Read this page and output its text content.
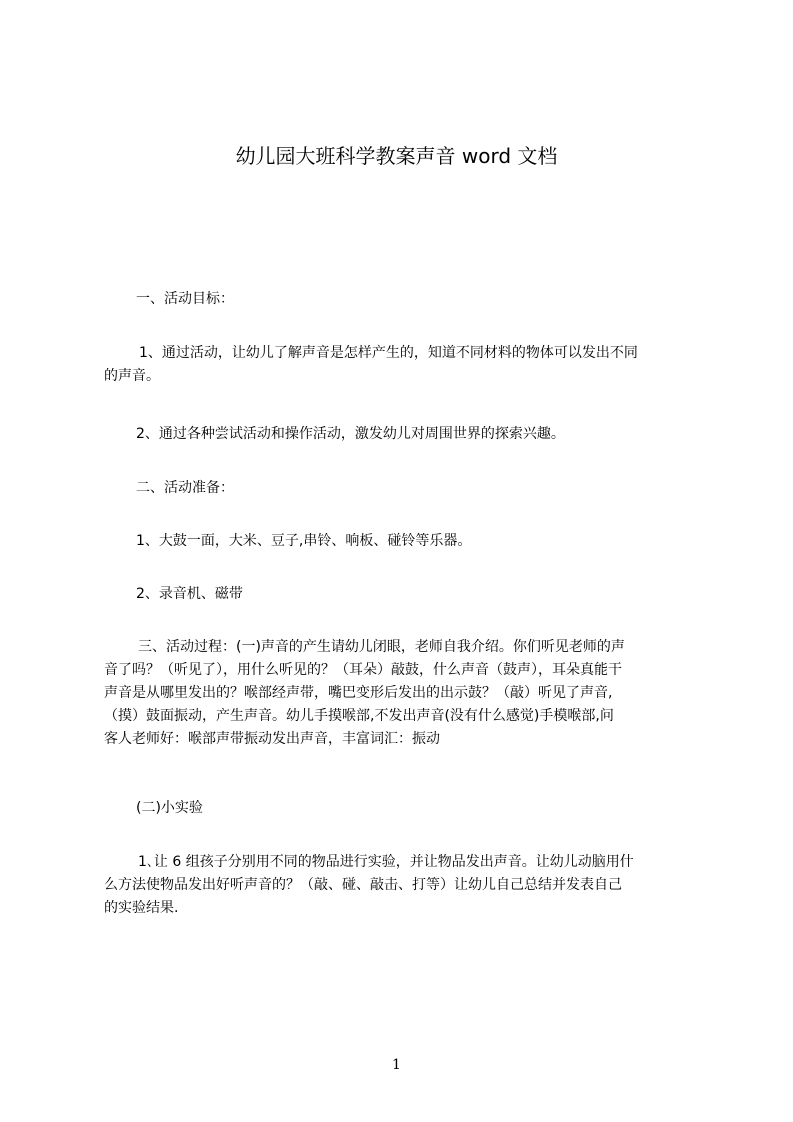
幼儿园大班科学教案声音 word 文档
一、活动目标：
1、通过活动，让幼儿了解声音是怎样产生的，知道不同材料的物体可以发出不同
的声音。
2、通过各种尝试活动和操作活动，激发幼儿对周围世界的探索兴趣。
二、活动准备：
1、大鼓一面，大米、豆子,串铃、响板、碰铃等乐器。
2、录音机、磁带
三、活动过程：(一)声音的产生请幼儿闭眼，老师自我介绍。你们听见老师的声
音了吗？（听见了），用什么听见的？（耳朵）敲鼓，什么声音（鼓声），耳朵真能干
声音是从哪里发出的？喉部经声带，嘴巴变形后发出的出示鼓？（敲）听见了声音,
（摸）鼓面振动，产生声音。幼儿手摸喉部,不发出声音(没有什么感觉)手模喉部,问
客人老师好：喉部声带振动发出声音，丰富词汇：振动
(二)小实验
1､让 6 组孩子分别用不同的物品进行实验，并让物品发出声音。让幼儿动脑用什
么方法使物品发出好听声音的？（敲、碰、敲击、打等）让幼儿自己总结并发表自己
的实验结果.
1
